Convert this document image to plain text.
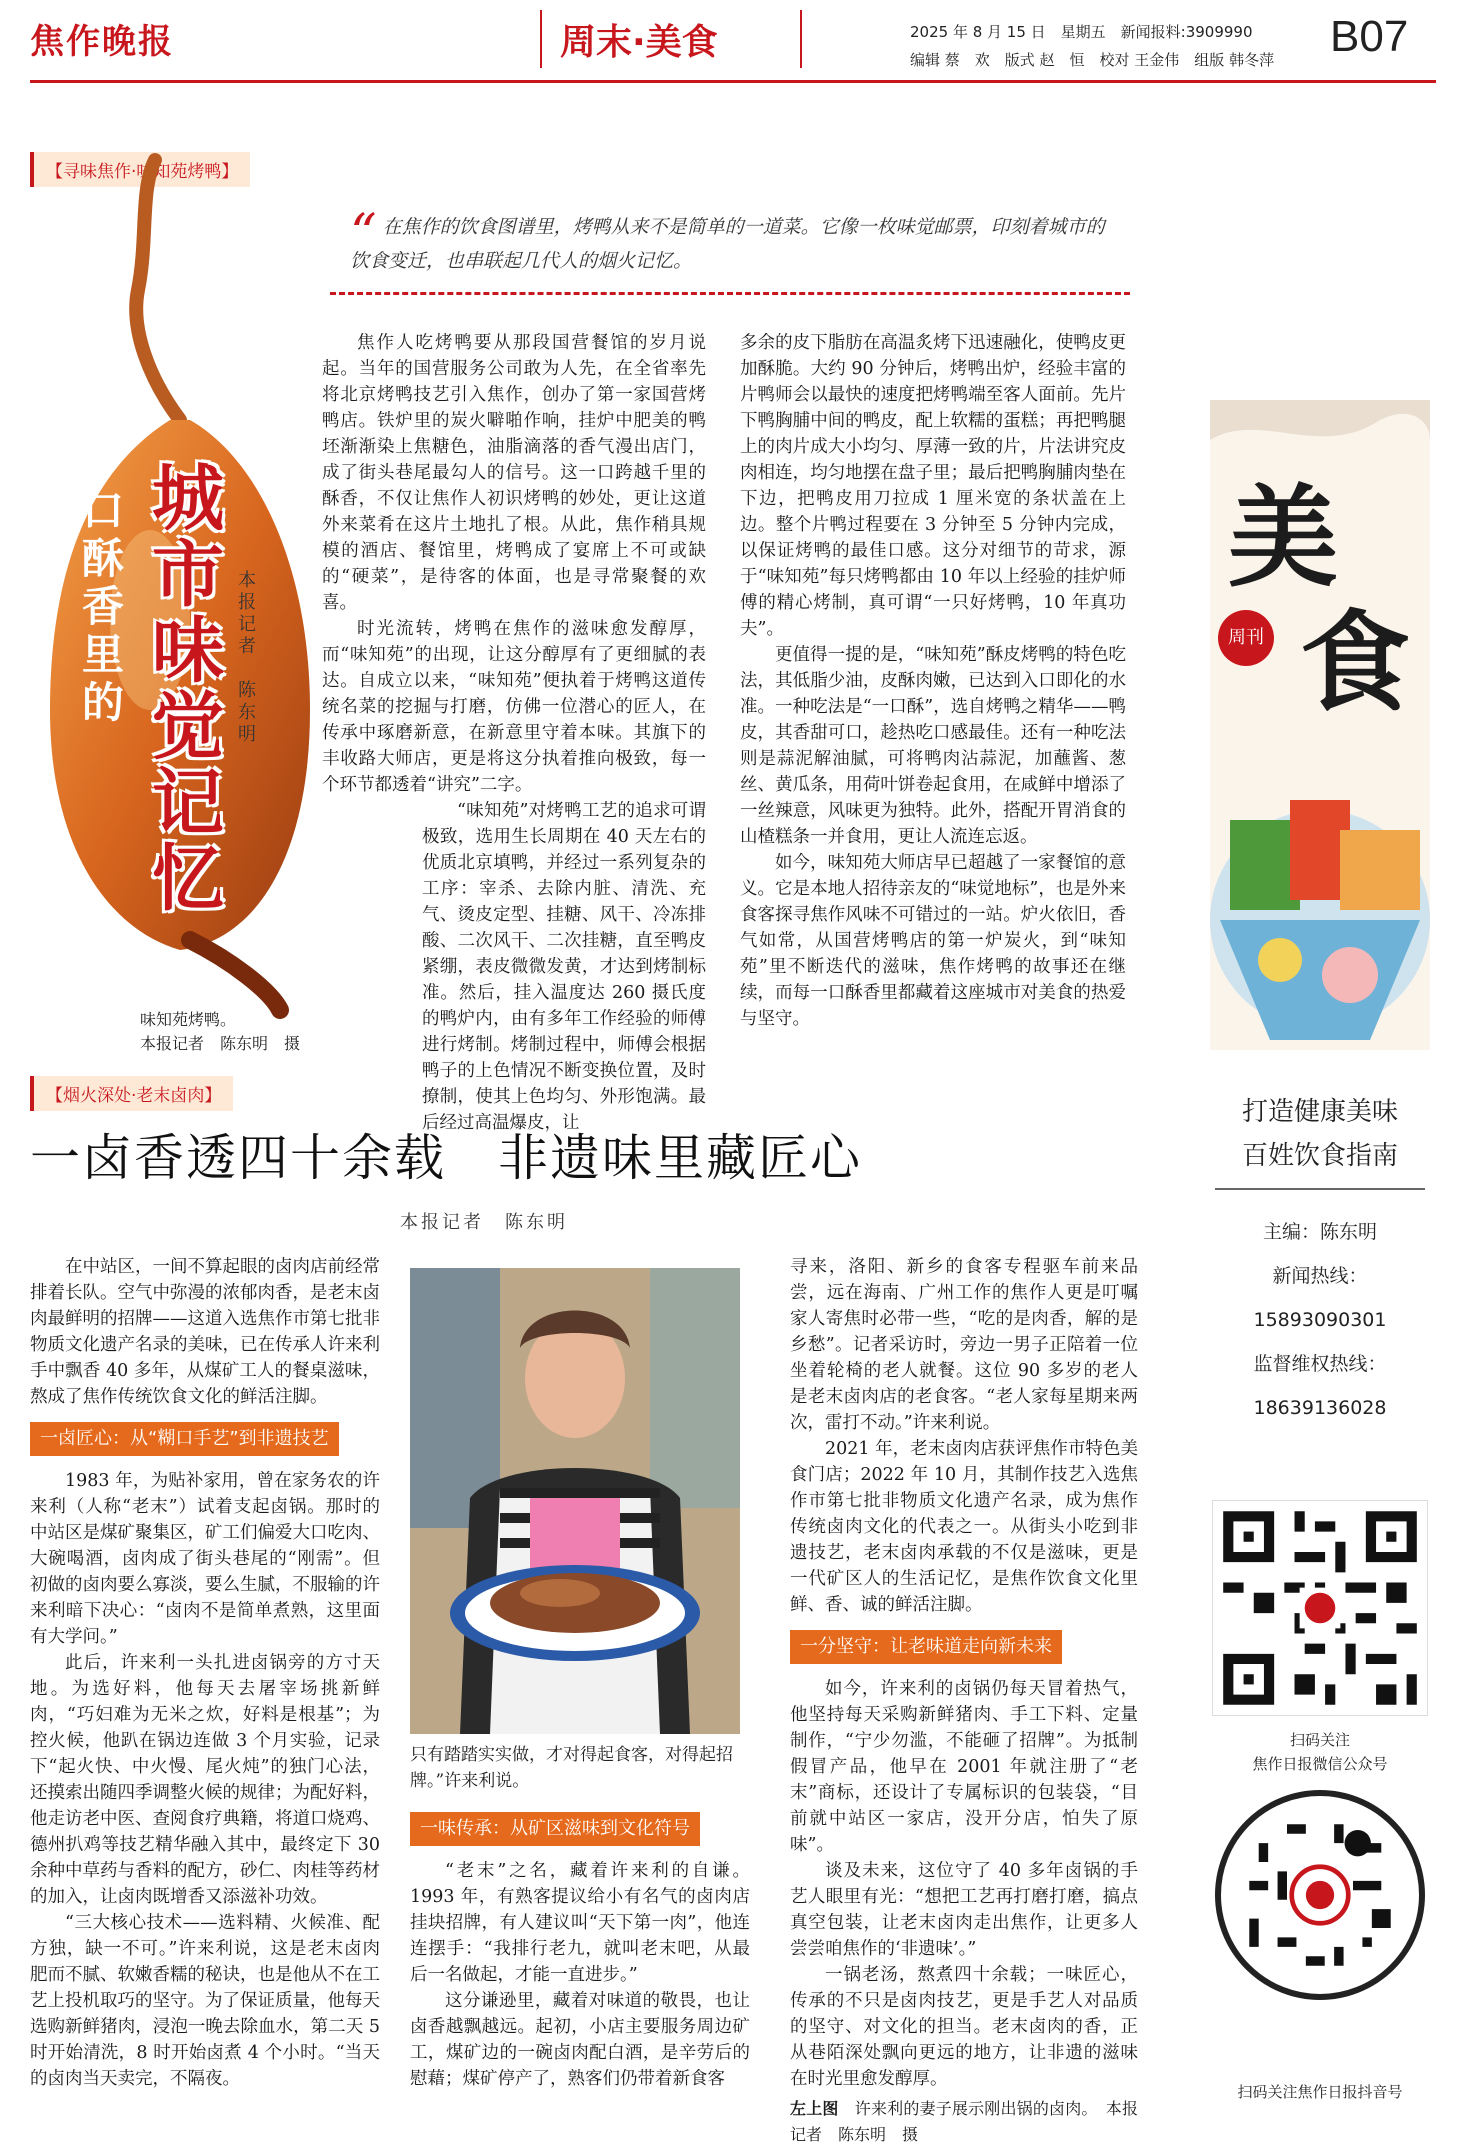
焦作晚报	周末·美食	2025 年 8 月 15 日　星期五　新闻报料:3909990
编辑 蔡　欢　版式 赵　恒　校对 王金伟　组版 韩冬萍 B07
【寻味焦作·味知苑烤鸭】
一口酥香里的 城市味觉记忆 本报记者　陈东明
味知苑烤鸭。
本报记者　陈东明　摄
“ 在焦作的饮食图谱里，烤鸭从来不是简单的一道菜。它像一枚味觉邮票，印刻着城市的饮食变迁，也串联起几代人的烟火记忆。

焦作人吃烤鸭要从那段国营餐馆的岁月说起。当年的国营服务公司敢为人先，在全省率先将北京烤鸭技艺引入焦作，创办了第一家国营烤鸭店。铁炉里的炭火噼啪作响，挂炉中肥美的鸭坯渐渐染上焦糖色，油脂滴落的香气漫出店门，成了街头巷尾最勾人的信号。这一口跨越千里的酥香，不仅让焦作人初识烤鸭的妙处，更让这道外来菜肴在这片土地扎了根。从此，焦作稍具规模的酒店、餐馆里，烤鸭成了宴席上不可或缺的“硬菜”，是待客的体面，也是寻常聚餐的欢喜。

时光流转，烤鸭在焦作的滋味愈发醇厚，而“味知苑”的出现，让这分醇厚有了更细腻的表达。自成立以来，“味知苑”便执着于烤鸭这道传统名菜的挖掘与打磨，仿佛一位潜心的匠人，在传承中琢磨新意，在新意里守着本味。其旗下的丰收路大师店，更是将这分执着推向极致，每一个环节都透着“讲究”二字。

“味知苑”对烤鸭工艺的追求可谓极致，选用生长周期在 40 天左右的优质北京填鸭，并经过一系列复杂的工序：宰杀、去除内脏、清洗、充气、烫皮定型、挂糖、风干、冷冻排酸、二次风干、二次挂糖，直至鸭皮紧绷，表皮微微发黄，才达到烤制标准。然后，挂入温度达 260 摄氏度的鸭炉内，由有多年工作经验的师傅进行烤制。烤制过程中，师傅会根据鸭子的上色情况不断变换位置，及时撩制，使其上色均匀、外形饱满。最后经过高温爆皮，让

多余的皮下脂肪在高温炙烤下迅速融化，使鸭皮更加酥脆。大约 90 分钟后，烤鸭出炉，经验丰富的片鸭师会以最快的速度把烤鸭端至客人面前。先片下鸭胸脯中间的鸭皮，配上软糯的蛋糕；再把鸭腿上的肉片成大小均匀、厚薄一致的片，片法讲究皮肉相连，均匀地摆在盘子里；最后把鸭胸脯肉垫在下边，把鸭皮用刀拉成 1 厘米宽的条状盖在上边。整个片鸭过程要在 3 分钟至 5 分钟内完成，以保证烤鸭的最佳口感。这分对细节的苛求，源于“味知苑”每只烤鸭都由 10 年以上经验的挂炉师傅的精心烤制，真可谓“一只好烤鸭，10 年真功夫”。

更值得一提的是，“味知苑”酥皮烤鸭的特色吃法，其低脂少油，皮酥肉嫩，已达到入口即化的水准。一种吃法是“一口酥”，选自烤鸭之精华——鸭皮，其香甜可口，趁热吃口感最佳。还有一种吃法则是蒜泥解油腻，可将鸭肉沾蒜泥，加蘸酱、葱丝、黄瓜条，用荷叶饼卷起食用，在咸鲜中增添了一丝辣意，风味更为独特。此外，搭配开胃消食的山楂糕条一并食用，更让人流连忘返。

如今，味知苑大师店早已超越了一家餐馆的意义。它是本地人招待亲友的“味觉地标”，也是外来食客探寻焦作风味不可错过的一站。炉火依旧，香气如常，从国营烤鸭店的第一炉炭火，到“味知苑”里不断迭代的滋味，焦作烤鸭的故事还在继续，而每一口酥香里都藏着这座城市对美食的热爱与坚守。

美
食
周刊
打造健康美味
百姓饮食指南
主编：陈东明
新闻热线：
15893090301
监督维权热线：
18639136028
扫码关注
焦作日报微信公众号
扫码关注焦作日报抖音号
【烟火深处·老末卤肉】
一卤香透四十余载　非遗味里藏匠心
本报记者　陈东明

在中站区，一间不算起眼的卤肉店前经常排着长队。空气中弥漫的浓郁肉香，是老末卤肉最鲜明的招牌——这道入选焦作市第七批非物质文化遗产名录的美味，已在传承人许来利手中飘香 40 多年，从煤矿工人的餐桌滋味，熬成了焦作传统饮食文化的鲜活注脚。

一卤匠心：从“糊口手艺”到非遗技艺

1983 年，为贴补家用，曾在家务农的许来利（人称“老末”）试着支起卤锅。那时的中站区是煤矿聚集区，矿工们偏爱大口吃肉、大碗喝酒，卤肉成了街头巷尾的“刚需”。但初做的卤肉要么寡淡，要么生腻，不服输的许来利暗下决心：“卤肉不是简单煮熟，这里面有大学问。”

此后，许来利一头扎进卤锅旁的方寸天地。为选好料，他每天去屠宰场挑新鲜肉，“巧妇难为无米之炊，好料是根基”；为控火候，他趴在锅边连做 3 个月实验，记录下“起火快、中火慢、尾火炖”的独门心法，还摸索出随四季调整火候的规律；为配好料，他走访老中医、查阅食疗典籍，将道口烧鸡、德州扒鸡等技艺精华融入其中，最终定下 30 余种中草药与香料的配方，砂仁、肉桂等药材的加入，让卤肉既增香又添滋补功效。

“三大核心技术——选料精、火候准、配方独，缺一不可。”许来利说，这是老末卤肉肥而不腻、软嫩香糯的秘诀，也是他从不在工艺上投机取巧的坚守。为了保证质量，他每天选购新鲜猪肉，浸泡一晚去除血水，第二天 5 时开始清洗，8 时开始卤煮 4 个小时。“当天的卤肉当天卖完，不隔夜。

只有踏踏实实做，才对得起食客，对得起招牌。”许来利说。
一味传承：从矿区滋味到文化符号

“老末”之名，藏着许来利的自谦。1993 年，有熟客提议给小有名气的卤肉店挂块招牌，有人建议叫“天下第一肉”，他连连摆手：“我排行老九，就叫老末吧，从最后一名做起，才能一直进步。”

这分谦逊里，藏着对味道的敬畏，也让卤香越飘越远。起初，小店主要服务周边矿工，煤矿边的一碗卤肉配白酒，是辛劳后的慰藉；煤矿停产了，熟客们仍带着新食客

寻来，洛阳、新乡的食客专程驱车前来品尝，远在海南、广州工作的焦作人更是叮嘱家人寄焦时必带一些，“吃的是肉香，解的是乡愁”。记者采访时，旁边一男子正陪着一位坐着轮椅的老人就餐。这位 90 多岁的老人是老末卤肉店的老食客。“老人家每星期来两次，雷打不动。”许来利说。

2021 年，老末卤肉店获评焦作市特色美食门店；2022 年 10 月，其制作技艺入选焦作市第七批非物质文化遗产名录，成为焦作传统卤肉文化的代表之一。从街头小吃到非遗技艺，老末卤肉承载的不仅是滋味，更是一代矿区人的生活记忆，是焦作饮食文化里鲜、香、诚的鲜活注脚。

一分坚守：让老味道走向新未来

如今，许来利的卤锅仍每天冒着热气，他坚持每天采购新鲜猪肉、手工下料、定量制作，“宁少勿滥，不能砸了招牌”。为抵制假冒产品，他早在 2001 年就注册了“老末”商标，还设计了专属标识的包装袋，“目前就中站区一家店，没开分店，怕失了原味”。

谈及未来，这位守了 40 多年卤锅的手艺人眼里有光：“想把工艺再打磨打磨，搞点真空包装，让老末卤肉走出焦作，让更多人尝尝咱焦作的‘非遗味’。”

一锅老汤，熬煮四十余载；一味匠心，传承的不只是卤肉技艺，更是手艺人对品质的坚守、对文化的担当。老末卤肉的香，正从巷陌深处飘向更远的地方，让非遗的滋味在时光里愈发醇厚。

左上图　 许来利的妻子展示刚出锅的卤肉。　本报记者　陈东明　摄
